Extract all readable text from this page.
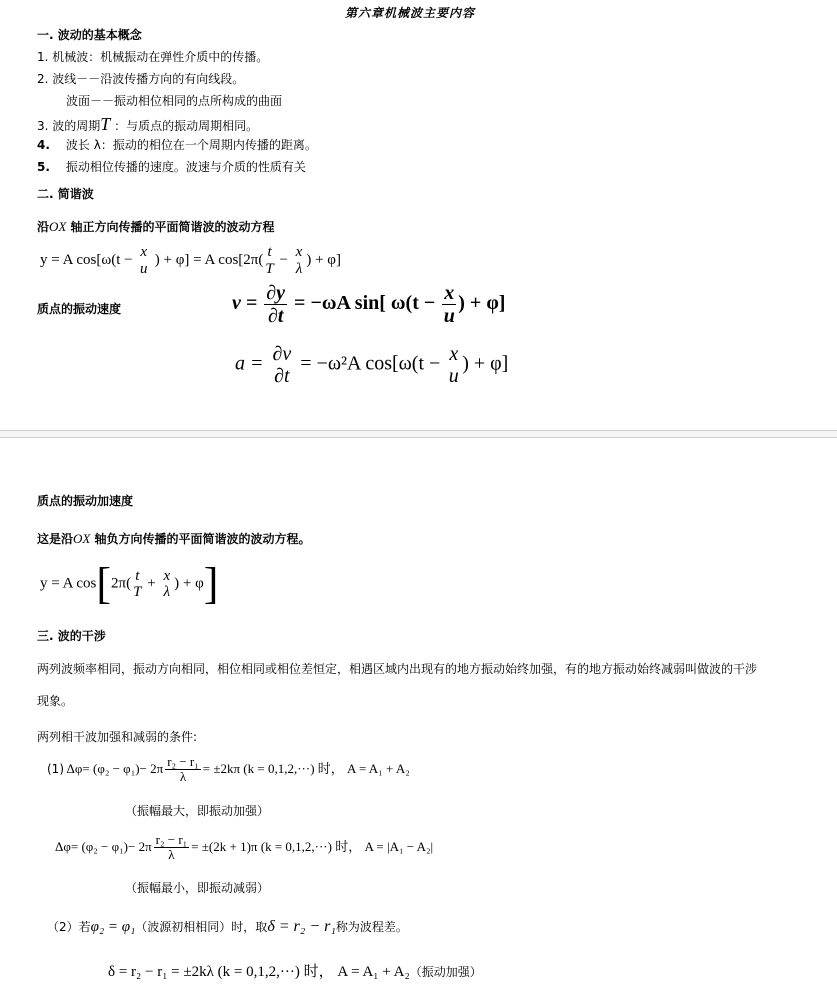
第六章机械波主要内容
一. 波动的基本概念
1. 机械波：机械振动在弹性介质中的传播。
2. 波线－－沿波传播方向的有向线段。
波面－－振动相位相同的点所构成的曲面
3. 波的周期T ：与质点的振动周期相同。
4. 波长 λ：振动的相位在一个周期内传播的距离。
5. 振动相位传播的速度。波速与介质的性质有关
二. 简谐波
沿OX 轴正方向传播的平面简谐波的波动方程
y = A cos[ω(t − x
u
) + φ] = A cos[2π( t
T
− x
λ
) + φ]
质点的振动速度	$v = \frac{\partial y}{\partial t} = -\omega A$ sin[ $\omega(t - \frac{x}{u}$ ) + φ]
a = ∂v
∂t
= −ω²A cos[ω(t − x
u
) + φ]
质点的振动加速度
这是沿OX 轴负方向传播的平面简谐波的波动方程。
y = A cos[2π( t
T
+ x
λ
) + φ]
三. 波的干涉
两列波频率相同，振动方向相同，相位相同或相位差恒定，相遇区域内出现有的地方振动始终加强，有的地方振动始终减弱叫做波的干涉
现象。
两列相干波加强和减弱的条件:
(1) $\Delta\varphi= (\varphi_2 - \varphi_1)- 2\pi \frac{\text{r₂ − r₁}}{\lambda} = \pm 2k\pi$ (k = 0,1,2,···) 时， A = A₁ + A₂
（振幅最大，即振动加强）
$\Delta\varphi= (\varphi_2 - \varphi_1)- 2\pi \frac{\text{r₂ − r₁}}{\lambda} = \pm(2k + 1)\pi$ (k = 0,1,2,···) 时， A = |A₁ − A₂|
（振幅最小，即振动减弱）
（2）若φ₂ = φ₁（波源初相相同）时，取δ = r₂ − r₁称为波程差。
δ = r₂ − r₁ = ±2kλ (k = 0,1,2,···) 时， A = A₁ + A₂（振动加强）
